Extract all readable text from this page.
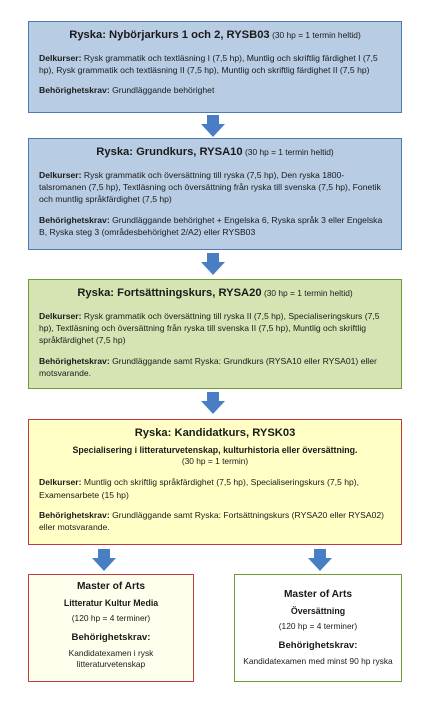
Ryska: Nybörjarkurs 1 och 2, RYSB03 (30 hp = 1 termin heltid)
Delkurser: Rysk grammatik och textläsning I (7,5 hp), Muntlig och skriftlig färdighet I (7,5 hp), Rysk grammatik och textläsning II (7,5 hp), Muntlig och skriftlig färdighet II (7,5 hp)
Behörighetskrav: Grundläggande behörighet
Ryska: Grundkurs, RYSA10 (30 hp = 1 termin heltid)
Delkurser: Rysk grammatik och översättning till ryska (7,5 hp), Den ryska 1800-talsromanen (7,5 hp), Textläsning och översättning från ryska till svenska (7,5 hp), Fonetik och muntlig språkfärdighet (7,5 hp)
Behörighetskrav: Grundläggande behörighet + Engelska 6, Ryska språk 3 eller Engelska B, Ryska steg 3 (områdesbehörighet 2/A2) eller RYSB03
Ryska: Fortsättningskurs, RYSA20 (30 hp = 1 termin heltid)
Delkurser: Rysk grammatik och översättning till ryska II (7,5 hp), Specialiseringskurs (7,5 hp), Textläsning och översättning från ryska till svenska II (7,5 hp), Muntlig och skriftlig språkfärdighet (7,5 hp)
Behörighetskrav: Grundläggande samt Ryska: Grundkurs (RYSA10 eller RYSA01) eller motsvarande.
Ryska: Kandidatkurs, RYSK03
Specialisering i litteraturvetenskap, kulturhistoria eller översättning.
(30 hp = 1 termin)
Delkurser: Muntlig och skriftlig språkfärdighet (7,5 hp), Specialiseringskurs (7,5 hp), Examensarbete (15 hp)
Behörighetskrav: Grundläggande samt Ryska: Fortsättningskurs (RYSA20 eller RYSA02) eller motsvarande.
Master of Arts
Litteratur Kultur Media
(120 hp = 4 terminer)
Behörighetskrav:
Kandidatexamen i rysk litteraturvetenskap
Master of Arts
Översättning
(120 hp = 4 terminer)
Behörighetskrav:
Kandidatexamen med minst 90 hp ryska
